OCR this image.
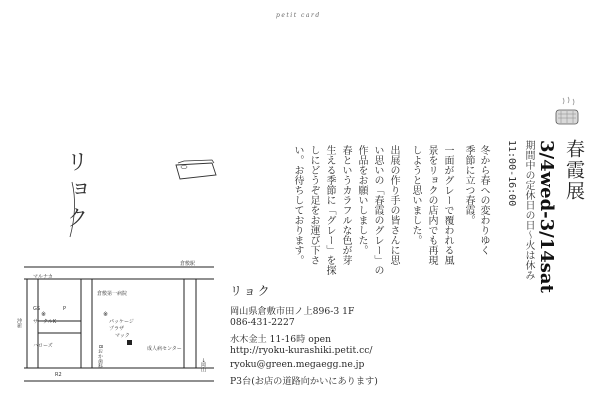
petit card
春霞展
3/4wed-3/14sat
期間中の定休日の日～火は休み
11:00-16:00
冬から春への変わりゆく
季節に立つ春霞。
一面がグレーで覆われる風
景をリョクの店内でも再現
しようと思いました。
出展の作り手の皆さんに思
い思いの「春霞のグレー」の
作品をお願いしました。
春というカラフルな色が芽
生える季節に「グレー」を探
しにどうぞ足をお運び下さ
い。お待ちしております。
リョク
※	※
倉敷駅
マルナカ
倉敷第一病院
GS	P
サークルK
沖新	パッケージ
プラザ
マック
ハローズ	Bおか歯科	成人病センター
→岡山
R2
リョク
岡山県倉敷市田ノ上896-3 1F
086-431-2227
水木金土 11-16時 open
http://ryoku-kurashiki.petit.cc/
ryoku@green.megaegg.ne.jp
P3台(お店の道路向かいにあります)
